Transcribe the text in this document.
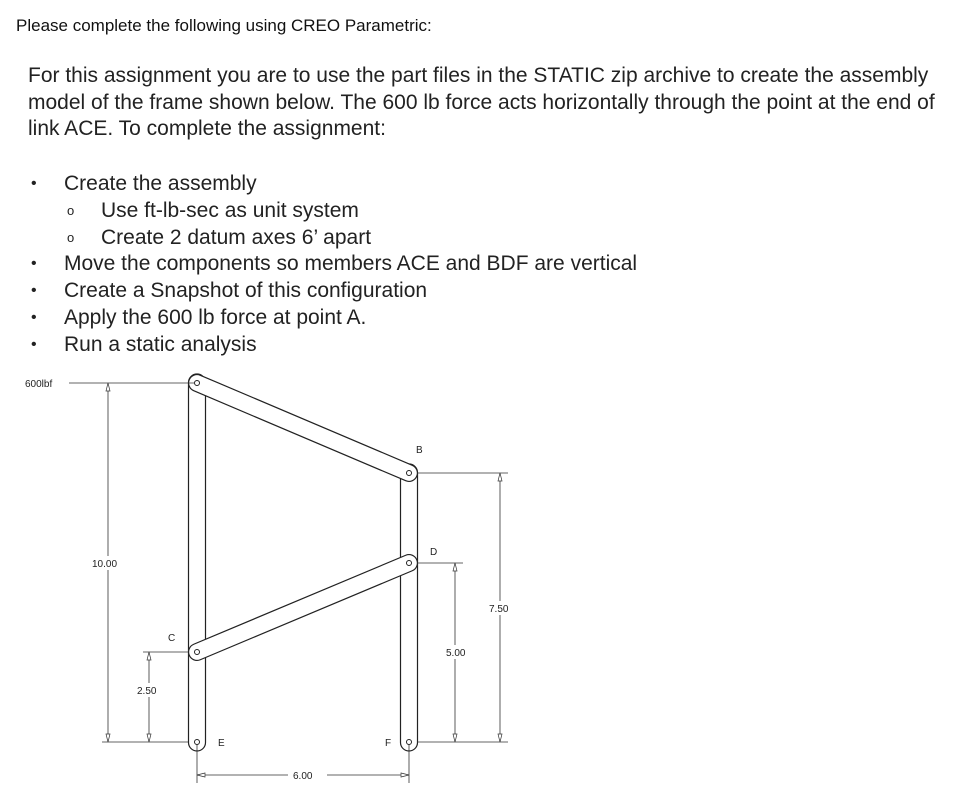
Please complete the following using CREO Parametric:
For this assignment you are to use the part files in the STATIC zip archive to create the assembly model of the frame shown below. The 600 lb force acts horizontally through the point at the end of link ACE. To complete the assignment:
• Create the assembly
o Use ft-lb-sec as unit system
o Create 2 datum axes 6’ apart
• Move the components so members ACE and BDF are vertical
• Create a Snapshot of this configuration
• Apply the 600 lb force at point A.
• Run a static analysis
600lbf
B
C
D
E	F
10.00
2.50
7.50
5.00
6.00
